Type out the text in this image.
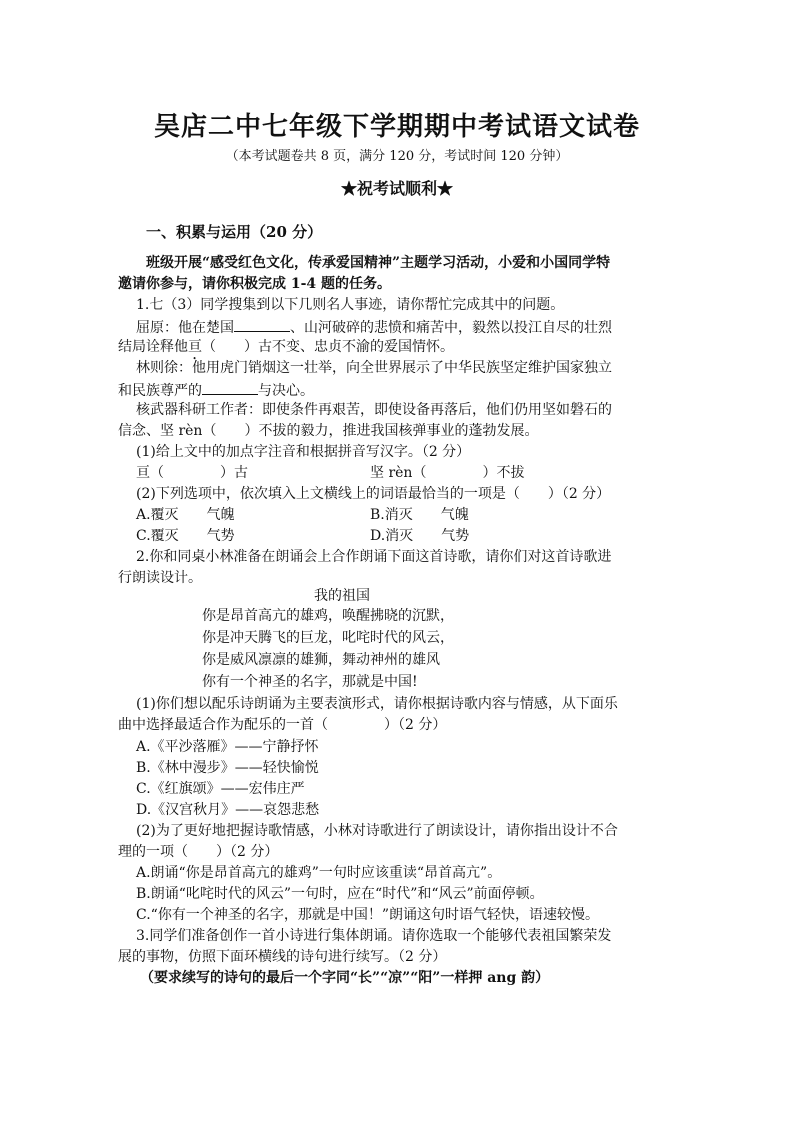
吴店二中七年级下学期期中考试语文试卷
（本考试题卷共 8 页，满分 120 分，考试时间 120 分钟）
★祝考试顺利★
一、积累与运用（20 分）
班级开展“感受红色文化，传承爱国精神”主题学习活动，小爱和小国同学特
邀请你参与，请你积极完成 1-4 题的任务。
1.七（3）同学搜集到以下几则名人事迹，请你帮忙完成其中的问题。
屈原：他在楚国	、山河破碎的悲愤和痛苦中，毅然以投江自尽的壮烈
结局诠释他亘（　　）古不变、忠贞不渝的爱国情怀。
林则徐：他用虎门销烟这一壮举，向全世界展示了中华民族坚定维护国家独立
和民族尊严的	与决心。
核武器科研工作者：即使条件再艰苦，即使设备再落后，他们仍用坚如磐石的
信念、坚 rèn（　　）不拔的毅力，推进我国核弹事业的蓬勃发展。
(1)给上文中的加点字注音和根据拼音写汉字。（2 分）
亘（　　　　）古	坚 rèn（　　　　）不拔
(2)下列选项中，依次填入上文横线上的词语最恰当的一项是（　　）（2 分）
A.覆灭　　气魄	B.消灭　　气魄
C.覆灭　　气势	D.消灭　　气势
2.你和同桌小林准备在朗诵会上合作朗诵下面这首诗歌，请你们对这首诗歌进
行朗读设计。
我的祖国
你是昂首高亢的雄鸡，唤醒拂晓的沉默，
你是冲天腾飞的巨龙，叱咤时代的风云，
你是威风凛凛的雄狮，舞动神州的雄风
你有一个神圣的名字，那就是中国!
(1)你们想以配乐诗朗诵为主要表演形式，请你根据诗歌内容与情感，从下面乐
曲中选择最适合作为配乐的一首（　　　　）（2 分）
A.《平沙落雁》——宁静抒怀
B.《林中漫步》——轻快愉悦
C.《红旗颂》——宏伟庄严
D.《汉宫秋月》——哀怨悲愁
(2)为了更好地把握诗歌情感，小林对诗歌进行了朗读设计，请你指出设计不合
理的一项（　　）（2 分）
A.朗诵“你是昂首高亢的雄鸡”一句时应该重读“昂首高亢”。
B.朗诵“叱咤时代的风云”一句时，应在“时代”和“风云”前面停顿。
C.“你有一个神圣的名字，那就是中国！”朗诵这句时语气轻快，语速较慢。
3.同学们准备创作一首小诗进行集体朗诵。请你选取一个能够代表祖国繁荣发
展的事物，仿照下面环横线的诗句进行续写。（2 分）
（要求续写的诗句的最后一个字同“长”“凉”“阳”一样押 ang 韵）
